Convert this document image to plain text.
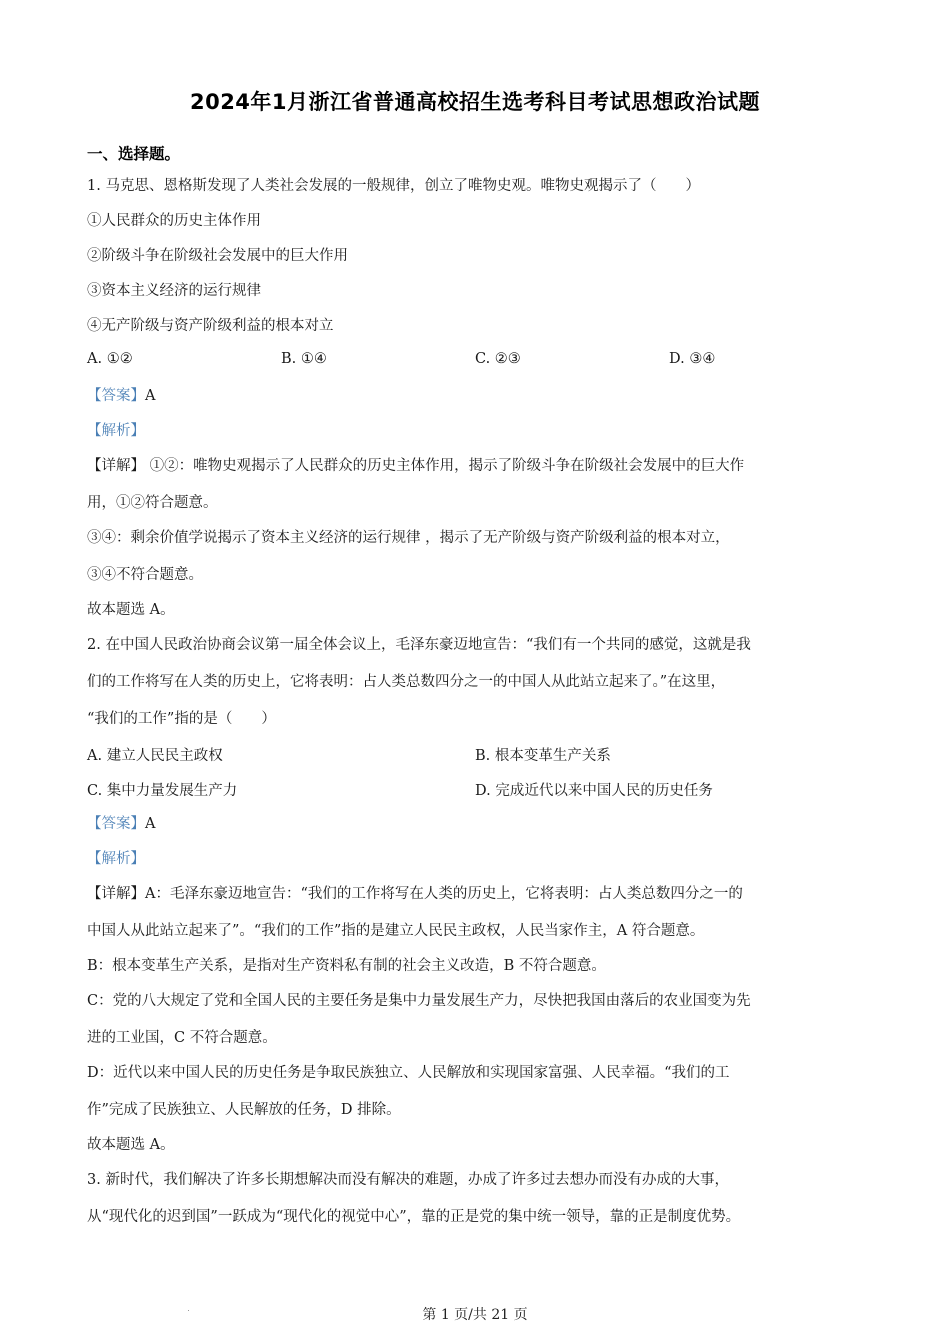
2024年1月浙江省普通高校招生选考科目考试思想政治试题
一、选择题。
1. 马克思、恩格斯发现了人类社会发展的一般规律，创立了唯物史观。唯物史观揭示了（　　）
①人民群众的历史主体作用
②阶级斗争在阶级社会发展中的巨大作用
③资本主义经济的运行规律
④无产阶级与资产阶级利益的根本对立
A. ①②	B. ①④	C. ②③	D. ③④
【答案】A
【解析】
【详解】 ①②：唯物史观揭示了人民群众的历史主体作用，揭示了阶级斗争在阶级社会发展中的巨大作
用，①②符合题意。
③④：剩余价值学说揭示了资本主义经济的运行规律 ，揭示了无产阶级与资产阶级利益的根本对立，
③④不符合题意。
故本题选 A。
2. 在中国人民政治协商会议第一届全体会议上，毛泽东豪迈地宣告：“我们有一个共同的感觉，这就是我
们的工作将写在人类的历史上，它将表明：占人类总数四分之一的中国人从此站立起来了。”在这里，
“我们的工作”指的是（　　）
A. 建立人民民主政权	B. 根本变革生产关系
C. 集中力量发展生产力	D. 完成近代以来中国人民的历史任务
【答案】A
【解析】
【详解】A：毛泽东豪迈地宣告：“我们的工作将写在人类的历史上，它将表明：占人类总数四分之一的
中国人从此站立起来了”。“我们的工作”指的是建立人民民主政权，人民当家作主，A 符合题意。
B：根本变革生产关系，是指对生产资料私有制的社会主义改造，B 不符合题意。
C：党的八大规定了党和全国人民的主要任务是集中力量发展生产力，尽快把我国由落后的农业国变为先
进的工业国，C 不符合题意。
D：近代以来中国人民的历史任务是争取民族独立、人民解放和实现国家富强、人民幸福。“我们的工
作”完成了民族独立、人民解放的任务，D 排除。
故本题选 A。
3. 新时代，我们解决了许多长期想解决而没有解决的难题，办成了许多过去想办而没有办成的大事，
从“现代化的迟到国”一跃成为“现代化的视觉中心”，靠的正是党的集中统一领导，靠的正是制度优势。
第 1 页/共 21 页
